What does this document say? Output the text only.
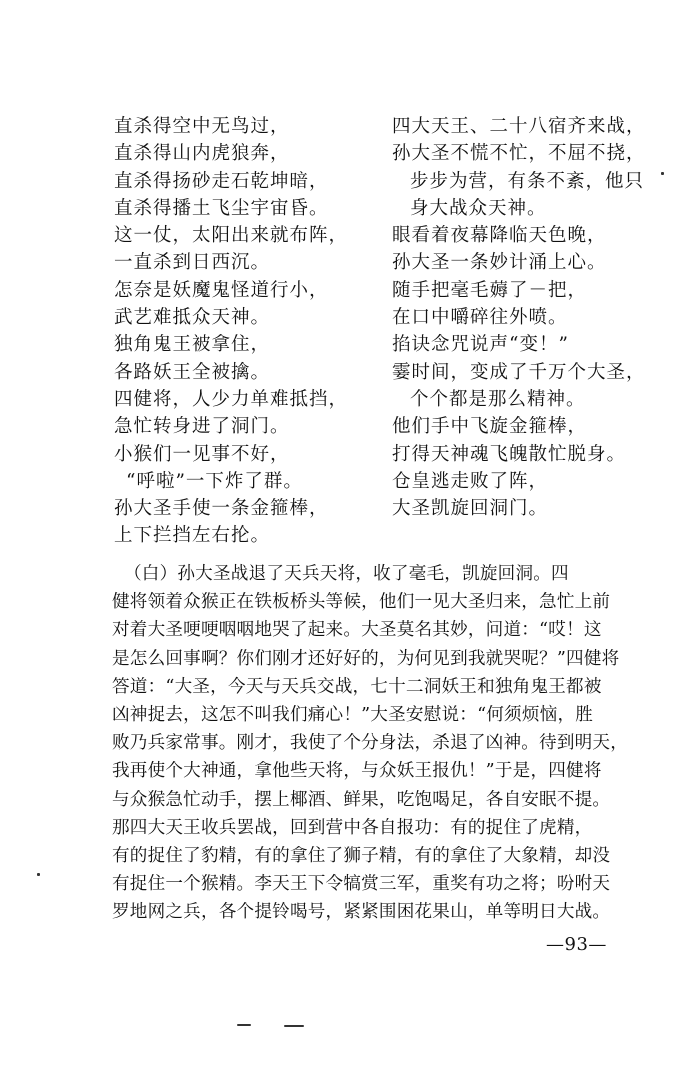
直杀得空中无鸟过，
直杀得山内虎狼奔，
直杀得扬砂走石乾坤暗，
直杀得播土飞尘宇宙昏。
这一仗，太阳出来就布阵，
一直杀到日西沉。
怎奈是妖魔鬼怪道行小，
武艺难抵众天神。
独角鬼王被拿住，
各路妖王全被擒。
四健将，人少力单难抵挡，
急忙转身进了洞门。
小猴们一见事不好，
“呼啦”一下炸了群。
孙大圣手使一条金箍棒，
上下拦挡左右抡。
四大天王、二十八宿齐来战，
孙大圣不慌不忙，不屈不挠，
步步为营，有条不紊，他只
身大战众天神。
眼看着夜幕降临天色晚，
孙大圣一条妙计涌上心。
随手把毫毛薅了－把，
在口中嚼碎往外喷。
掐诀念咒说声“变！”
霎时间，变成了千万个大圣，
个个都是那么精神。
他们手中飞旋金箍棒，
打得天神魂飞魄散忙脱身。
仓皇逃走败了阵，
大圣凯旋回洞门。
（白）孙大圣战退了天兵天将，收了毫毛，凯旋回洞。四
健将领着众猴正在铁板桥头等候，他们一见大圣归来，急忙上前
对着大圣哽哽咽咽地哭了起来。大圣莫名其妙，问道：“哎！这
是怎么回事啊？你们刚才还好好的，为何见到我就哭呢？”四健将
答道：“大圣，今天与天兵交战，七十二洞妖王和独角鬼王都被
凶神捉去，这怎不叫我们痛心！”大圣安慰说：“何须烦恼，胜
败乃兵家常事。刚才，我使了个分身法，杀退了凶神。待到明天，
我再使个大神通，拿他些天将，与众妖王报仇！”于是，四健将
与众猴急忙动手，摆上椰酒、鲜果，吃饱喝足，各自安眠不提。
那四大天王收兵罢战，回到营中各自报功：有的捉住了虎精，
有的捉住了豹精，有的拿住了狮子精，有的拿住了大象精，却没
有捉住一个猴精。李天王下令犒赏三军，重奖有功之将；吩咐天
罗地网之兵，各个提铃喝号，紧紧围困花果山，单等明日大战。
—93—
